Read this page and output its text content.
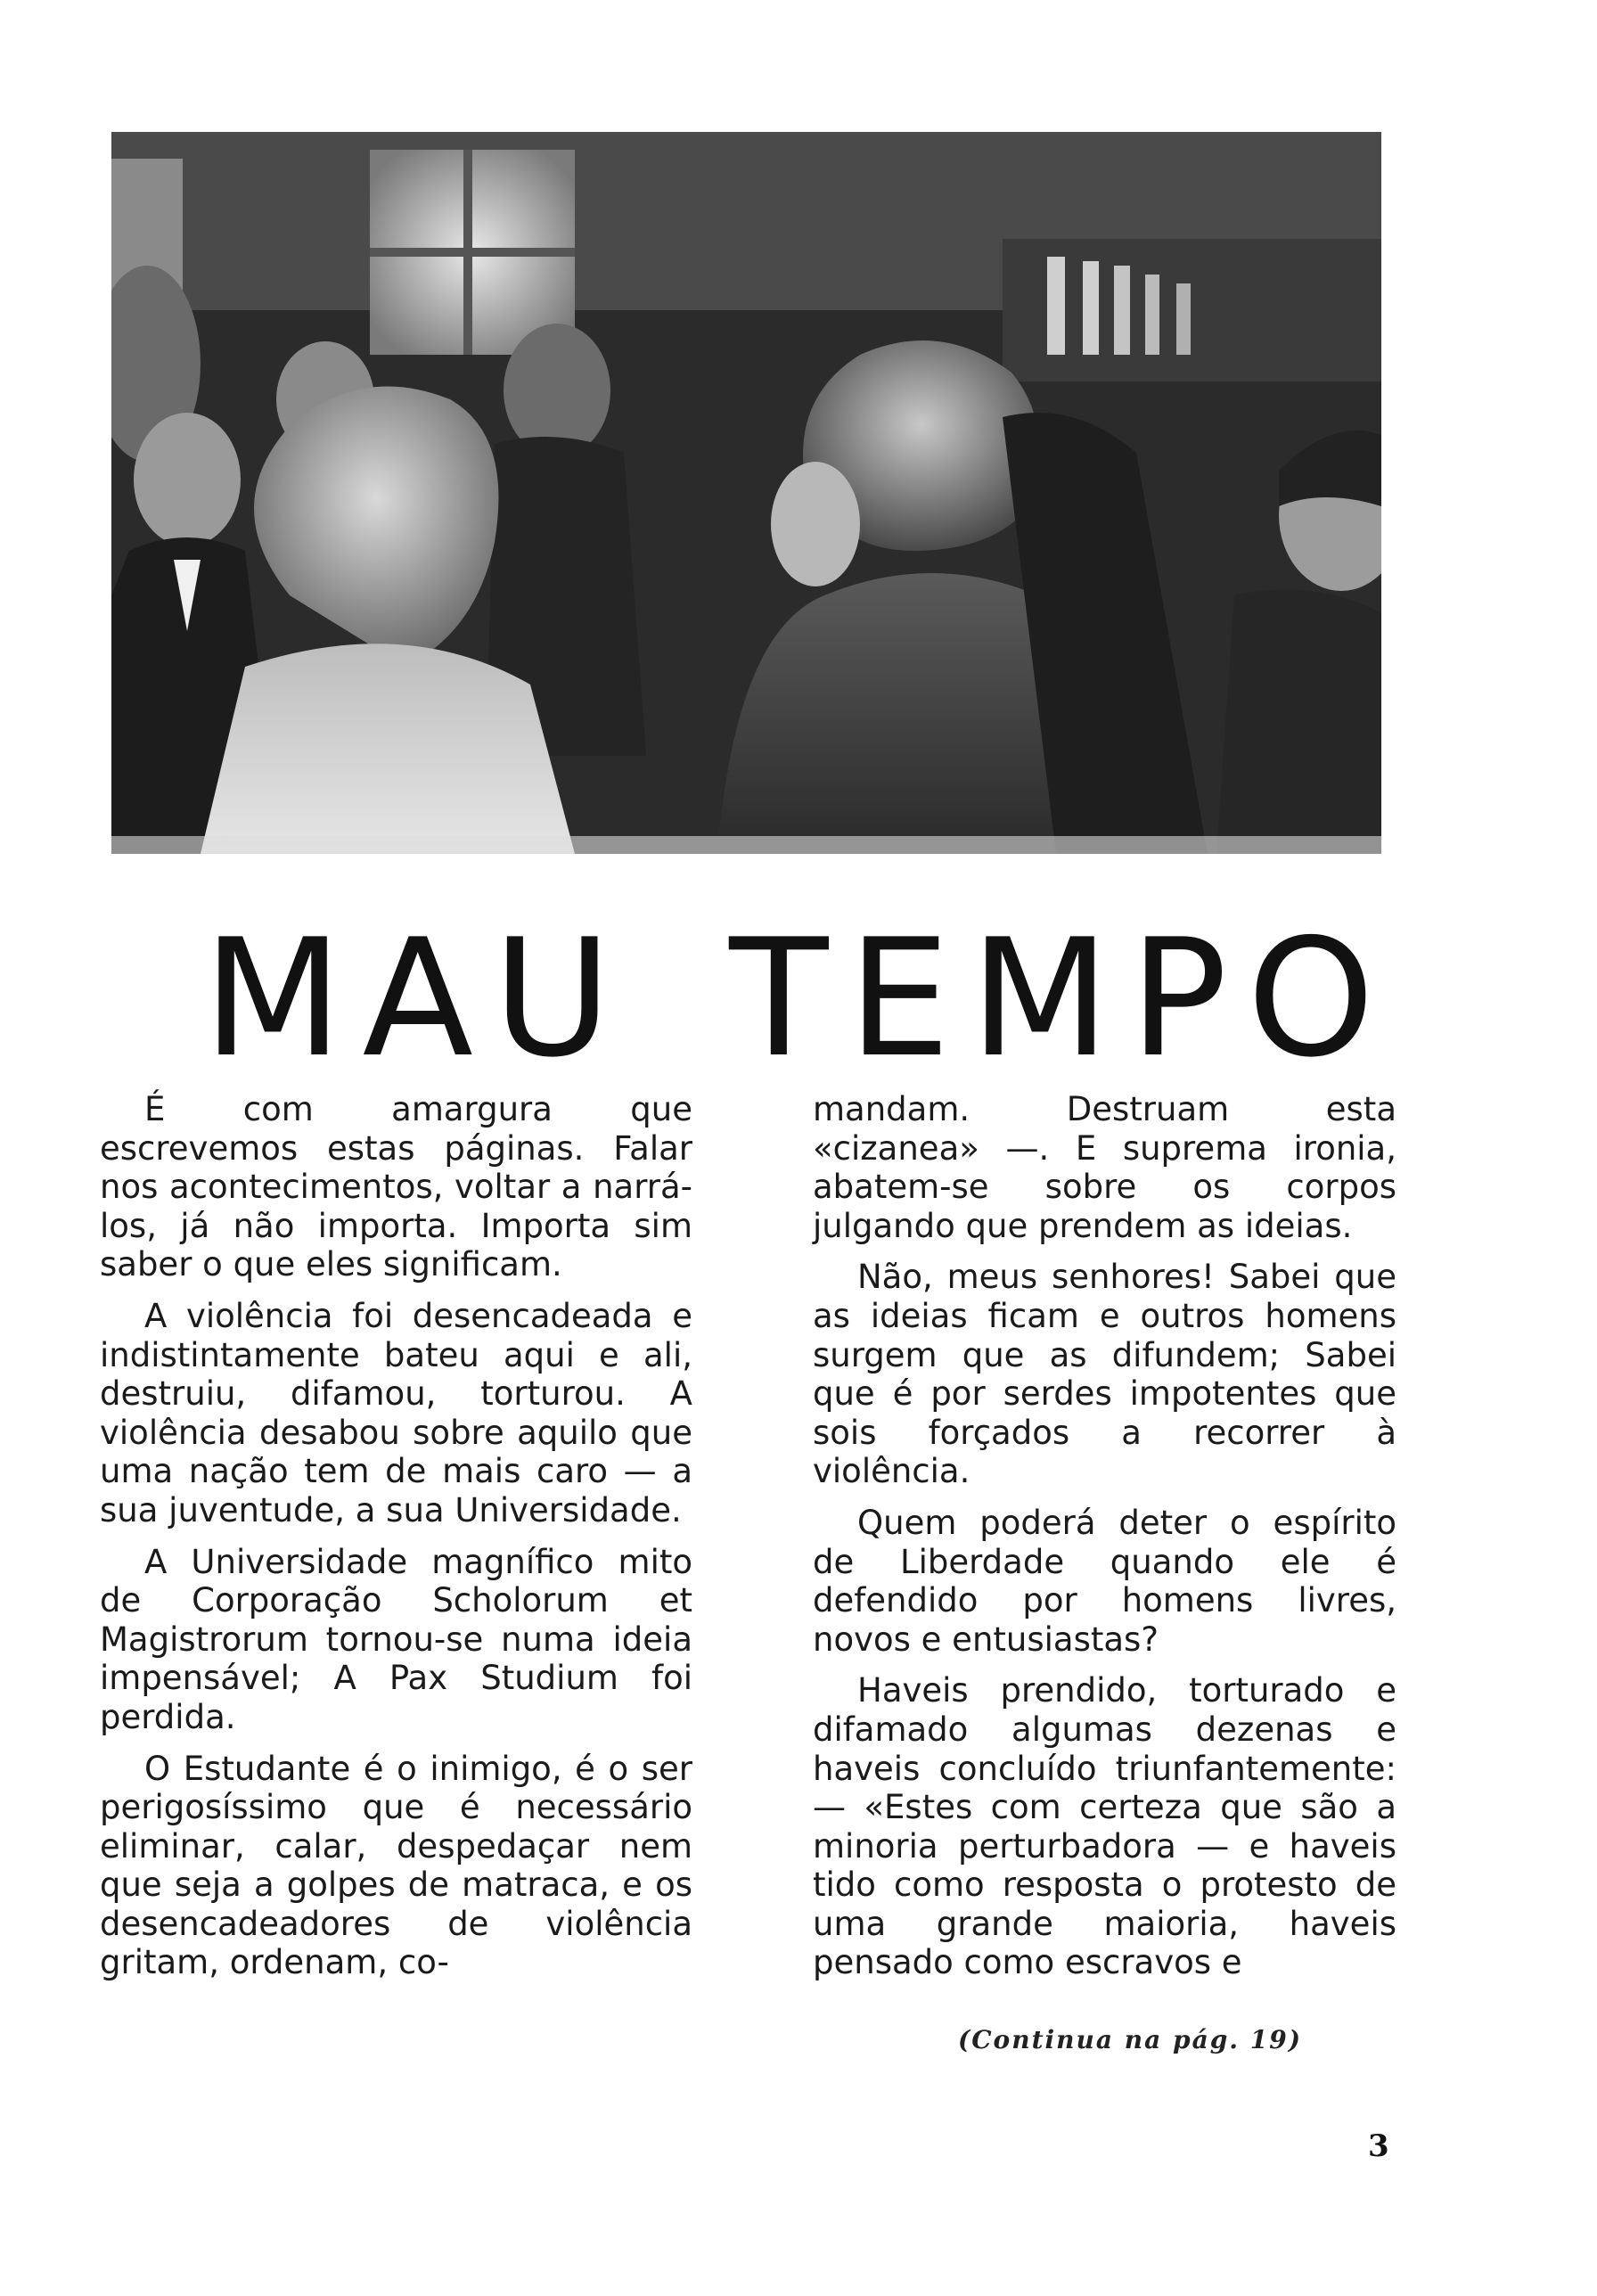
MAU TEMPO

É com amargura que escrevemos estas páginas. Falar nos acontecimentos, voltar a narrá-los, já não importa. Importa sim saber o que eles significam.

A violência foi desencadeada e indistintamente bateu aqui e ali, destruiu, difamou, torturou. A violência desabou sobre aquilo que uma nação tem de mais caro — a sua juventude, a sua Universidade.

A Universidade magnífico mito de Corporação Scholorum et Magistrorum tornou-se numa ideia impensável; A Pax Studium foi perdida.

O Estudante é o inimigo, é o ser perigosíssimo que é necessário eliminar, calar, despedaçar nem que seja a golpes de matraca, e os desencadeadores de violência gritam, ordenam, co-

mandam. Destruam esta «cizanea» —. E suprema ironia, abatem-se sobre os corpos julgando que prendem as ideias.

Não, meus senhores! Sabei que as ideias ficam e outros homens surgem que as difundem; Sabei que é por serdes impotentes que sois forçados a recorrer à violência.

Quem poderá deter o espírito de Liberdade quando ele é defendido por homens livres, novos e entusiastas?

Haveis prendido, torturado e difamado algumas dezenas e haveis concluído triunfantemente: — «Estes com certeza que são a minoria perturbadora — e haveis tido como resposta o protesto de uma grande maioria, haveis pensado como escravos e

(Continua na pág. 19)
3
